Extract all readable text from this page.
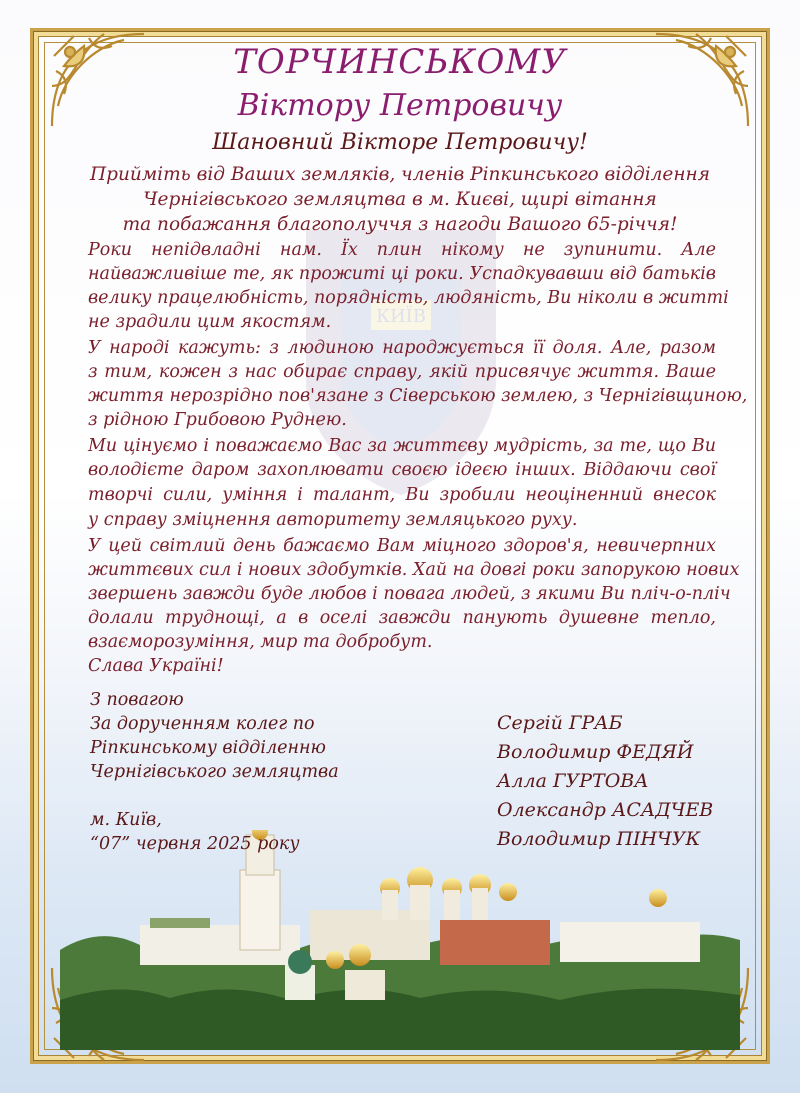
КИЇВ
ТОРЧИНСЬКОМУ
Віктору Петровичу
Шановний Вікторе Петровичу!
Прийміть від Ваших земляків, членів Ріпкинського відділення
Чернігівського земляцтва в м. Києві, щирі вітання
та побажання благополуччя з нагоди Вашого 65-річчя!
Роки непідвладні нам. Їх плин нікому не зупинити. Але
найважливіше те, як прожиті ці роки. Успадкувавши від батьків
велику працелюбність, порядність, людяність, Ви ніколи в житті
не зрадили цим якостям.
У народі кажуть: з людиною народжується її доля. Але, разом
з тим, кожен з нас обирає справу, якій присвячує життя. Ваше
життя нерозрідно пов'язане з Сіверською землею, з Чернігівщиною,
з рідною Грибовою Руднею.
Ми цінуємо і поважаємо Вас за життєву мудрість, за те, що Ви
володієте даром захоплювати своєю ідеєю інших. Віддаючи свої
творчі сили, уміння і талант, Ви зробили неоціненний внесок
у справу зміцнення авторитету земляцького руху.
У цей світлий день бажаємо Вам міцного здоров'я, невичерпних
життєвих сил і нових здобутків. Хай на довгі роки запорукою нових
звершень завжди буде любов і повага людей, з якими Ви пліч-о-пліч
долали труднощі, а в оселі завжди панують душевне тепло,
взаєморозуміння, мир та добробут.
Слава Україні!
З повагою
За дорученням колег по
Ріпкинському відділенню
Чернігівського земляцтва
м. Київ,
“07” червня 2025 року
Сергій ГРАБ
Володимир ФЕДЯЙ
Алла ГУРТОВА
Олександр АСАДЧЕВ
Володимир ПІНЧУК
